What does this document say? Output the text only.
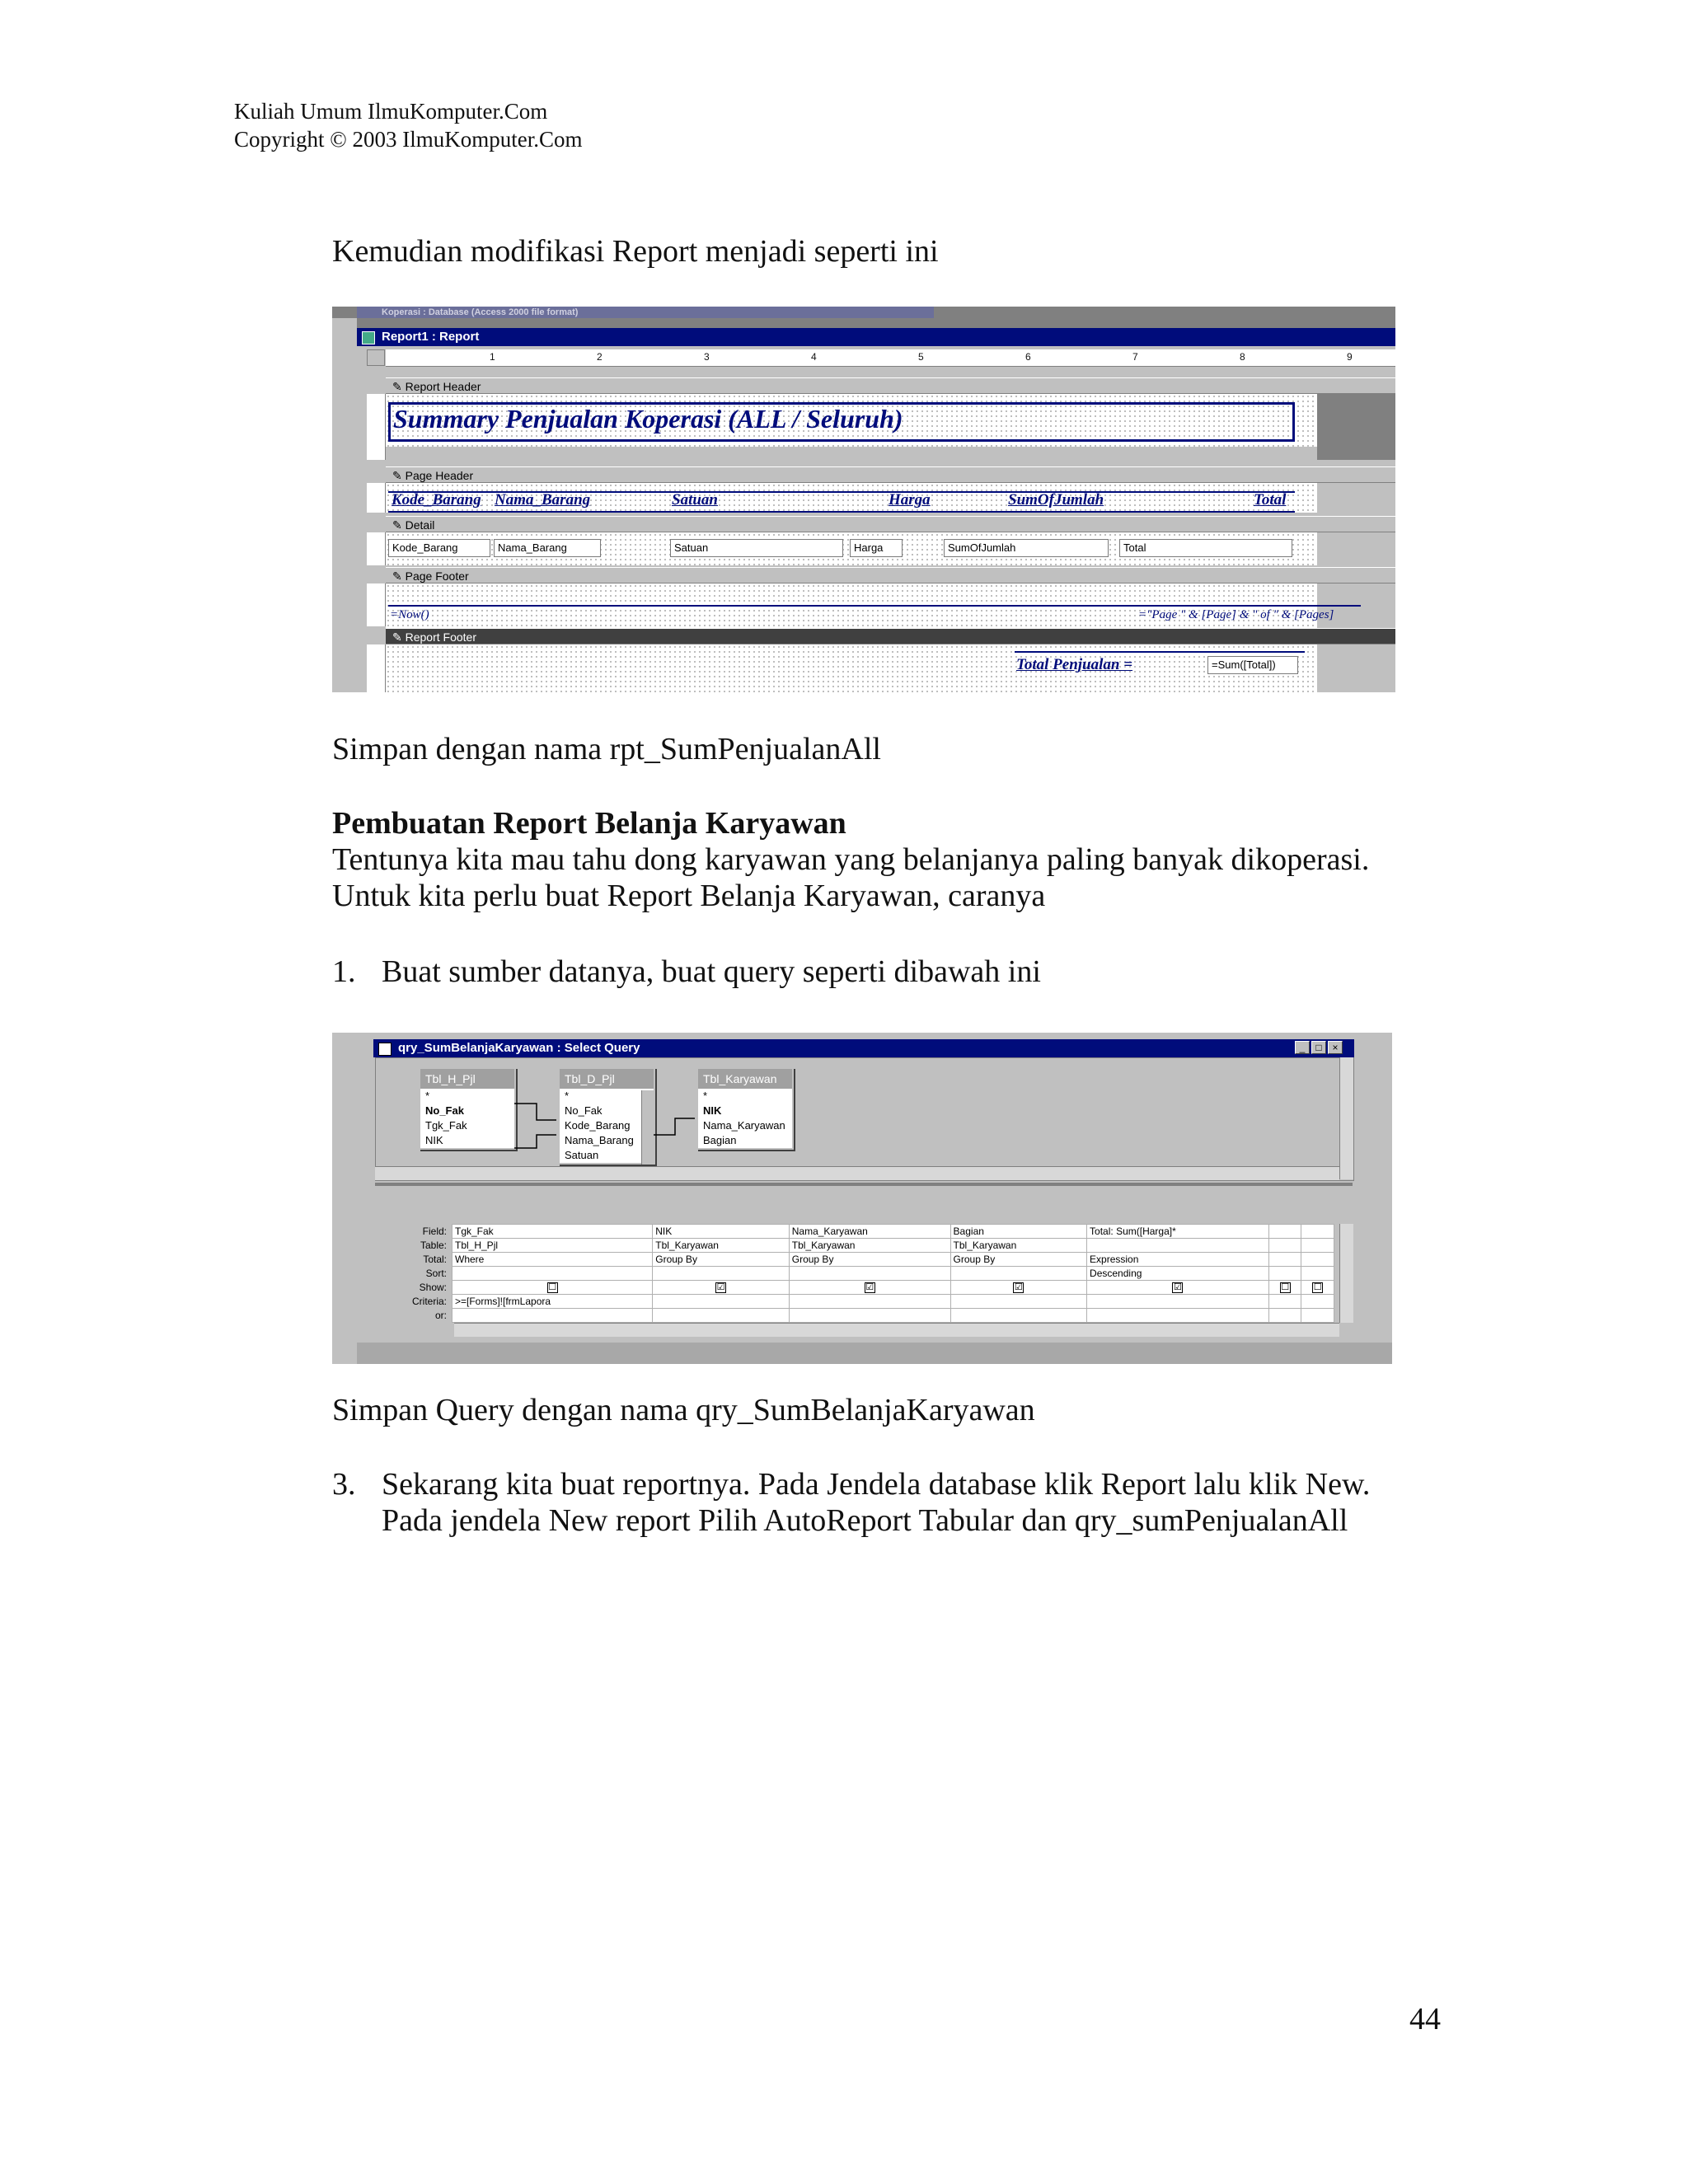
Kuliah Umum IlmuKomputer.Com
Copyright © 2003 IlmuKomputer.Com
Kemudian modifikasi Report menjadi seperti ini
Koperasi : Database (Access 2000 file format)
Report1 : Report
1	2	3	4	5	6	7	8	9
✎ Report Header
Summary Penjualan Koperasi (ALL / Seluruh)
✎ Page Header
Kode_Barang Nama_Barang	Satuan	Harga	SumOfJumlah	Total
✎ Detail
Kode_Barang	Nama_Barang	Satuan	Harga	SumOfJumlah	Total
✎ Page Footer
=Now()	="Page " & [Page] & " of " & [Pages]
✎ Report Footer
Total Penjualan =	=Sum([Total])
Simpan dengan nama rpt_SumPenjualanAll
Pembuatan Report Belanja Karyawan
Tentunya kita mau tahu dong karyawan yang belanjanya paling banyak dikoperasi.
Untuk kita perlu buat Report Belanja Karyawan, caranya
1. Buat sumber datanya, buat query seperti dibawah ini
qry_SumBelanjaKaryawan : Select Query	_	□	×
Tbl_H_Pjl
*
No_Fak
Tgk_Fak
NIK
Tbl_D_Pjl
*
No_Fak
Kode_Barang
Nama_Barang
Satuan
Tbl_Karyawan
*
NIK
Nama_Karyawan
Bagian
Field:	Tgk_Fak	NIK	Nama_Karyawan	Bagian	Total: Sum([Harga]*		
Table:	Tbl_H_Pjl	Tbl_Karyawan	Tbl_Karyawan	Tbl_Karyawan			
Total:	Where	Group By	Group By	Group By	Expression		
Sort:					Descending		
Show:	☐	☑	☑	☑	☑	☐	☐
Criteria:	>=[Forms]![frmLapora						
or:							
Simpan Query dengan nama qry_SumBelanjaKaryawan
3. Sekarang kita buat reportnya. Pada Jendela database klik Report lalu klik New.
Pada jendela New report Pilih AutoReport Tabular dan qry_sumPenjualanAll
44
